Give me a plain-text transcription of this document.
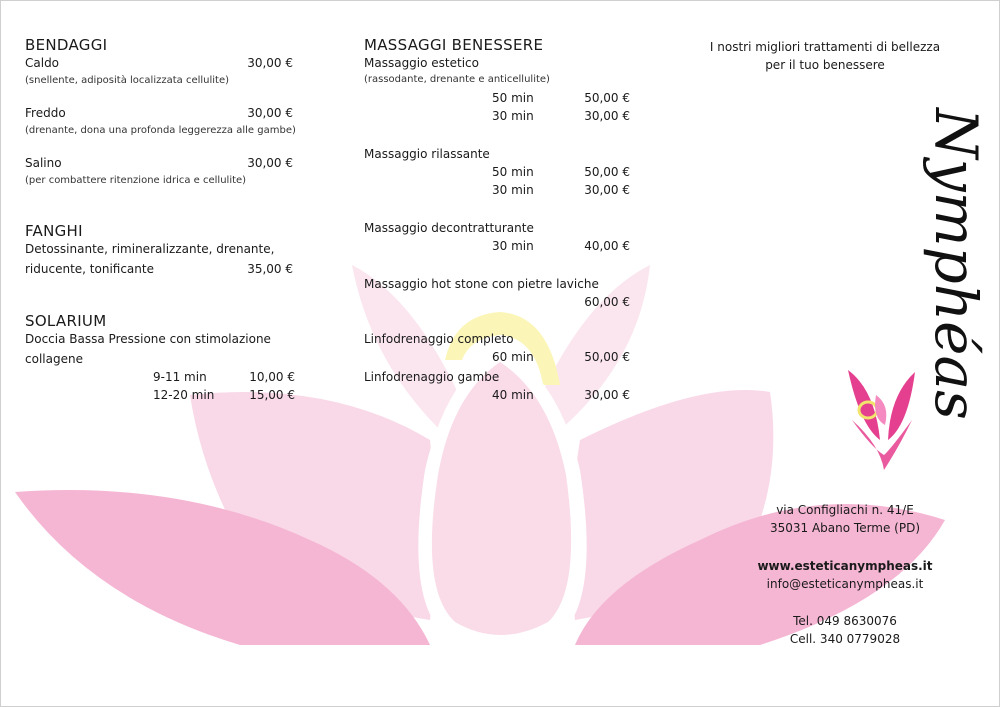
BENDAGGI
Caldo	30,00 €
(snellente, adiposità localizzata cellulite)
Freddo	30,00 €
(drenante, dona una profonda leggerezza alle gambe)
Salino	30,00 €
(per combattere ritenzione idrica e cellulite)
FANGHI
Detossinante, rimineralizzante, drenante,
riducente, tonificante	35,00 €
SOLARIUM
Doccia Bassa Pressione con stimolazione
collagene
9-11 min	10,00 €
12-20 min	15,00 €
MASSAGGI BENESSERE
Massaggio estetico
(rassodante, drenante e anticellulite)
50 min	50,00 €
30 min	30,00 €
Massaggio rilassante
50 min	50,00 €
30 min	30,00 €
Massaggio decontratturante
30 min	40,00 €
Massaggio hot stone con pietre laviche
60,00 €
Linfodrenaggio completo
60 min	50,00 €
Linfodrenaggio gambe
40 min	30,00 €
I nostri migliori trattamenti di bellezza
per il tuo benessere
Nymphéas
via Configliachi n. 41/E
35031 Abano Terme (PD)
www.esteticanympheas.it
info@esteticanympheas.it
Tel. 049 8630076
Cell. 340 0779028
